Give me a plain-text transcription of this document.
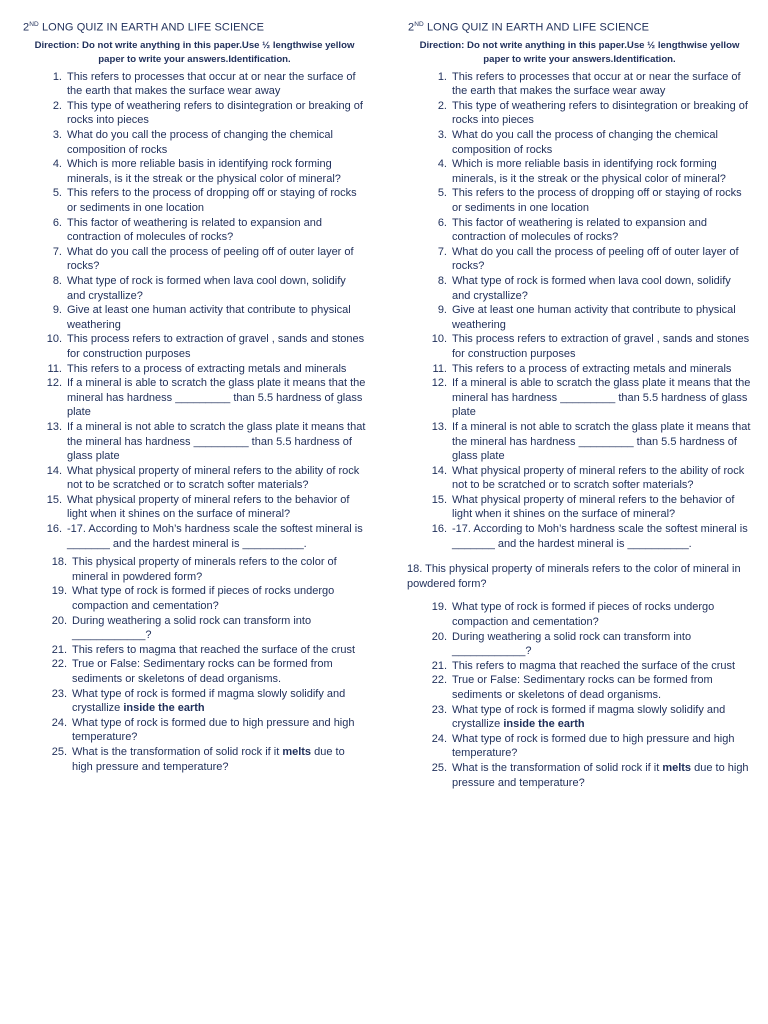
2ND LONG QUIZ IN EARTH AND LIFE SCIENCE
Direction: Do not write anything in this paper.Use ½ lengthwise yellow paper to write your answers.Identification.
1. This refers to processes that occur at or near the surface of the earth that makes the surface wear away
2. This type of weathering refers to disintegration or breaking of rocks into pieces
3. What do you call the process of changing the chemical composition of rocks
4. Which is more reliable basis in identifying rock forming minerals, is it the streak or the physical color of mineral?
5. This refers to the process of dropping off or staying of rocks or sediments in one location
6. This factor of weathering is related to expansion and contraction of molecules of rocks?
7. What do you call the process of peeling off of outer layer of rocks?
8. What type of rock is formed when lava cool down, solidify and crystallize?
9. Give at least one human activity that contribute to physical weathering
10. This process refers to extraction of gravel , sands and stones for construction purposes
11. This refers to a process of extracting metals and minerals
12. If a mineral is able to scratch the glass plate it means that the mineral has hardness _________ than 5.5 hardness of glass plate
13. If a mineral is not able to scratch the glass plate it means that the mineral has hardness _________ than 5.5 hardness of glass plate
14. What physical property of mineral refers to the ability of rock not to be scratched or to scratch softer materials?
15. What physical property of mineral refers to the behavior of light when it shines on the surface of mineral?
16. -17. According to Moh’s hardness scale the softest mineral is _______ and the hardest mineral is __________.
18. This physical property of minerals refers to the color of mineral in powdered form?
19. What type of rock is formed if pieces of rocks undergo compaction and cementation?
20. During weathering a solid rock can transform into ____________?
21. This refers to magma that reached the surface of the crust
22. True or False: Sedimentary rocks can be formed from sediments or skeletons of dead organisms.
23. What type of rock is formed if magma slowly solidify and crystallize inside the earth
24. What type of rock is formed due to high pressure and high temperature?
25. What is the transformation of solid rock if it melts due to high pressure and temperature?
2ND LONG QUIZ IN EARTH AND LIFE SCIENCE
Direction: Do not write anything in this paper.Use ½ lengthwise yellow paper to write your answers.Identification.
1. This refers to processes that occur at or near the surface of the earth that makes the surface wear away
2. This type of weathering refers to disintegration or breaking of rocks into pieces
3. What do you call the process of changing the chemical composition of rocks
4. Which is more reliable basis in identifying rock forming minerals, is it the streak or the physical color of mineral?
5. This refers to the process of dropping off or staying of rocks or sediments in one location
6. This factor of weathering is related to expansion and contraction of molecules of rocks?
7. What do you call the process of peeling off of outer layer of rocks?
8. What type of rock is formed when lava cool down, solidify and crystallize?
9. Give at least one human activity that contribute to physical weathering
10. This process refers to extraction of gravel , sands and stones for construction purposes
11. This refers to a process of extracting metals and minerals
12. If a mineral is able to scratch the glass plate it means that the mineral has hardness _________ than 5.5 hardness of glass plate
13. If a mineral is not able to scratch the glass plate it means that the mineral has hardness _________ than 5.5 hardness of glass plate
14. What physical property of mineral refers to the ability of rock not to be scratched or to scratch softer materials?
15. What physical property of mineral refers to the behavior of light when it shines on the surface of mineral?
16. -17. According to Moh’s hardness scale the softest mineral is _______ and the hardest mineral is __________.
18. This physical property of minerals refers to the color of mineral in powdered form?
19. What type of rock is formed if pieces of rocks undergo compaction and cementation?
20. During weathering a solid rock can transform into ____________?
21. This refers to magma that reached the surface of the crust
22. True or False: Sedimentary rocks can be formed from sediments or skeletons of dead organisms.
23. What type of rock is formed if magma slowly solidify and crystallize inside the earth
24. What type of rock is formed due to high pressure and high temperature?
25. What is the transformation of solid rock if it melts due to high pressure and temperature?
